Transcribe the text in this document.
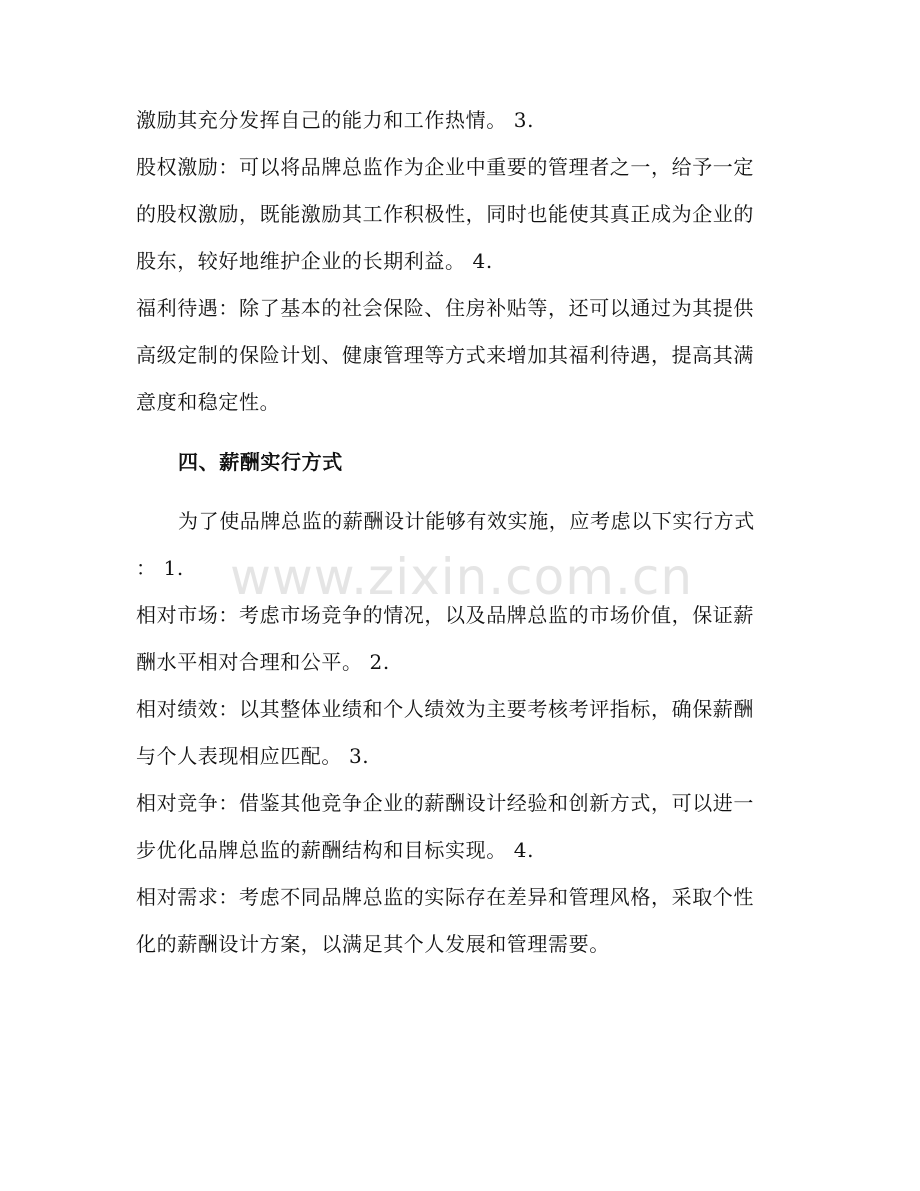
激励其充分发挥自己的能力和工作热情。 3.
股权激励：可以将品牌总监作为企业中重要的管理者之一，给予一定
的股权激励，既能激励其工作积极性，同时也能使其真正成为企业的
股东，较好地维护企业的长期利益。 4.
福利待遇：除了基本的社会保险、住房补贴等，还可以通过为其提供
高级定制的保险计划、健康管理等方式来增加其福利待遇，提高其满
意度和稳定性。
四、薪酬实行方式
为了使品牌总监的薪酬设计能够有效实施，应考虑以下实行方式
： 1.
相对市场：考虑市场竞争的情况，以及品牌总监的市场价值，保证薪
酬水平相对合理和公平。 2.
相对绩效：以其整体业绩和个人绩效为主要考核考评指标，确保薪酬
与个人表现相应匹配。 3.
相对竞争：借鉴其他竞争企业的薪酬设计经验和创新方式，可以进一
步优化品牌总监的薪酬结构和目标实现。 4.
相对需求：考虑不同品牌总监的实际存在差异和管理风格，采取个性
化的薪酬设计方案，以满足其个人发展和管理需要。
www.zixin.com.cn
